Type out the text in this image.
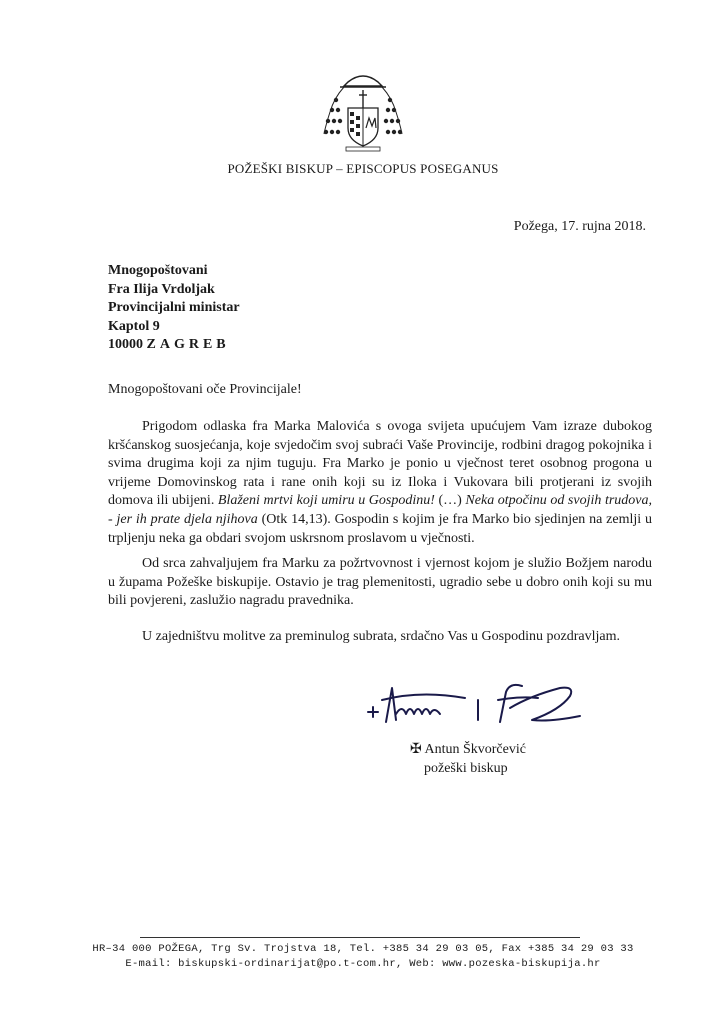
POŽEŠKI BISKUP – EPISCOPUS POSEGANUS
Požega, 17. rujna 2018.
Mnogopoštovani
Fra Ilija Vrdoljak
Provincijalni ministar
Kaptol 9
10000 ZAGREB
Mnogopoštovani oče Provincijale!
Prigodom odlaska fra Marka Malovića s ovoga svijeta upućujem Vam izraze dubokog kršćanskog suosjećanja, koje svjedočim svoj subraći Vaše Provincije, rodbini dragog pokojnika i svima drugima koji za njim tuguju. Fra Marko je ponio u vječnost teret osobnog progona u vrijeme Domovinskog rata i rane onih koji su iz Iloka i Vukovara bili protjerani iz svojih domova ili ubijeni. Blaženi mrtvi koji umiru u Gospodinu! (…) Neka otpočinu od svojih trudova, - jer ih prate djela njihova (Otk 14,13). Gospodin s kojim je fra Marko bio sjedinjen na zemlji u trpljenju neka ga obdari svojom uskrsnom proslavom u vječnosti.
Od srca zahvaljujem fra Marku za požrtvovnost i vjernost kojom je služio Božjem narodu u župama Požeške biskupije. Ostavio je trag plemenitosti, ugradio sebe u dobro onih koji su mu bili povjereni, zaslužio nagradu pravednika.
U zajedništvu molitve za preminulog subrata, srdačno Vas u Gospodinu pozdravljam.
✠ Antun Škvorčević
požeški biskup
HR–34 000 POŽEGA, Trg Sv. Trojstva 18, Tel. +385 34 29 03 05, Fax +385 34 29 03 33
E-mail: biskupski-ordinarijat@po.t-com.hr, Web: www.pozeska-biskupija.hr
